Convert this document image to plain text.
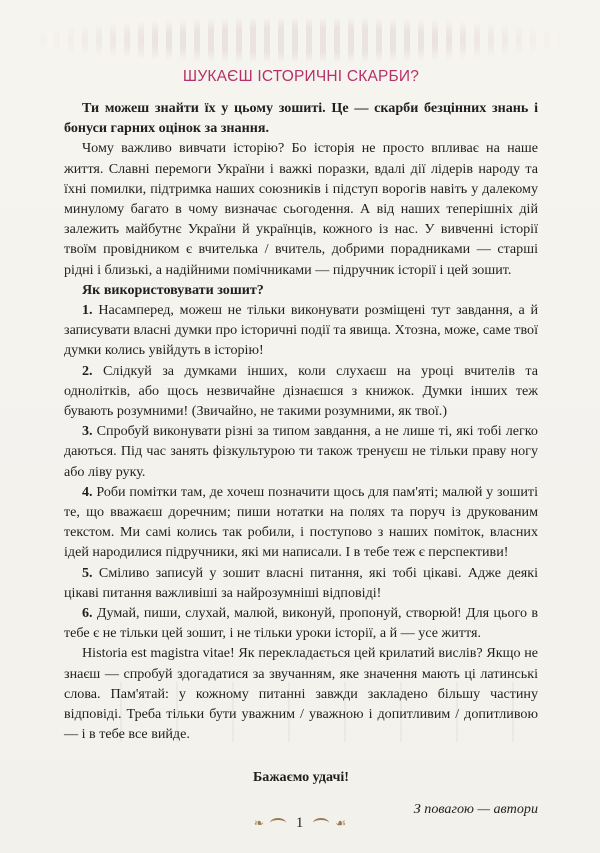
ШУКАЄШ ІСТОРИЧНІ СКАРБИ?

Ти можеш знайти їх у цьому зошиті. Це — скарби безцінних знань і бонуси гарних оцінок за знання.

Чому важливо вивчати історію? Бо історія не просто впливає на наше життя. Славні перемоги України і важкі поразки, вдалі дії лідерів народу та їхні помилки, підтримка наших союзників і підступ ворогів навіть у далекому минулому багато в чому визначає сьогодення. А від наших теперішніх дій залежить майбутнє України й українців, кожного із нас. У вивченні історії твоїм провідником є вчителька / вчитель, добрими порадниками — старші рідні і близькі, а надійними помічниками — підручник історії і цей зошит.

Як використовувати зошит?

1. Насамперед, можеш не тільки виконувати розміщені тут завдання, а й записувати власні думки про історичні події та явища. Хтозна, може, саме твої думки колись увійдуть в історію!

2. Слідкуй за думками інших, коли слухаєш на уроці вчителів та однолітків, або щось незвичайне дізнаєшся з книжок. Думки інших теж бувають розумними! (Звичайно, не такими розумними, як твої.)

3. Спробуй виконувати різні за типом завдання, а не лише ті, які тобі легко даються. Під час занять фізкультурою ти також тренуєш не тільки праву ногу або ліву руку.

4. Роби помітки там, де хочеш позначити щось для пам'яті; малюй у зошиті те, що вважаєш доречним; пиши нотатки на полях та поруч із друкованим текстом. Ми самі колись так робили, і поступово з наших поміток, власних ідей народилися підручники, які ми написали. І в тебе теж є перспективи!

5. Сміливо записуй у зошит власні питання, які тобі цікаві. Адже деякі цікаві питання важливіші за найрозумніші відповіді!

6. Думай, пиши, слухай, малюй, виконуй, пропонуй, створюй! Для цього в тебе є не тільки цей зошит, і не тільки уроки історії, а й — усе життя.

Historia est magistra vitae! Як перекладається цей крилатий вислів? Якщо не знаєш — спробуй здогадатися за звучанням, яке значення мають ці латинські слова. Пам'ятай: у кожному питанні завжди закладено більшу частину відповіді. Треба тільки бути уважним / уважною і допитливим / допитливою — і в тебе все вийде.

Бажаємо удачі!

З повагою — автори

❧ 1	☙
